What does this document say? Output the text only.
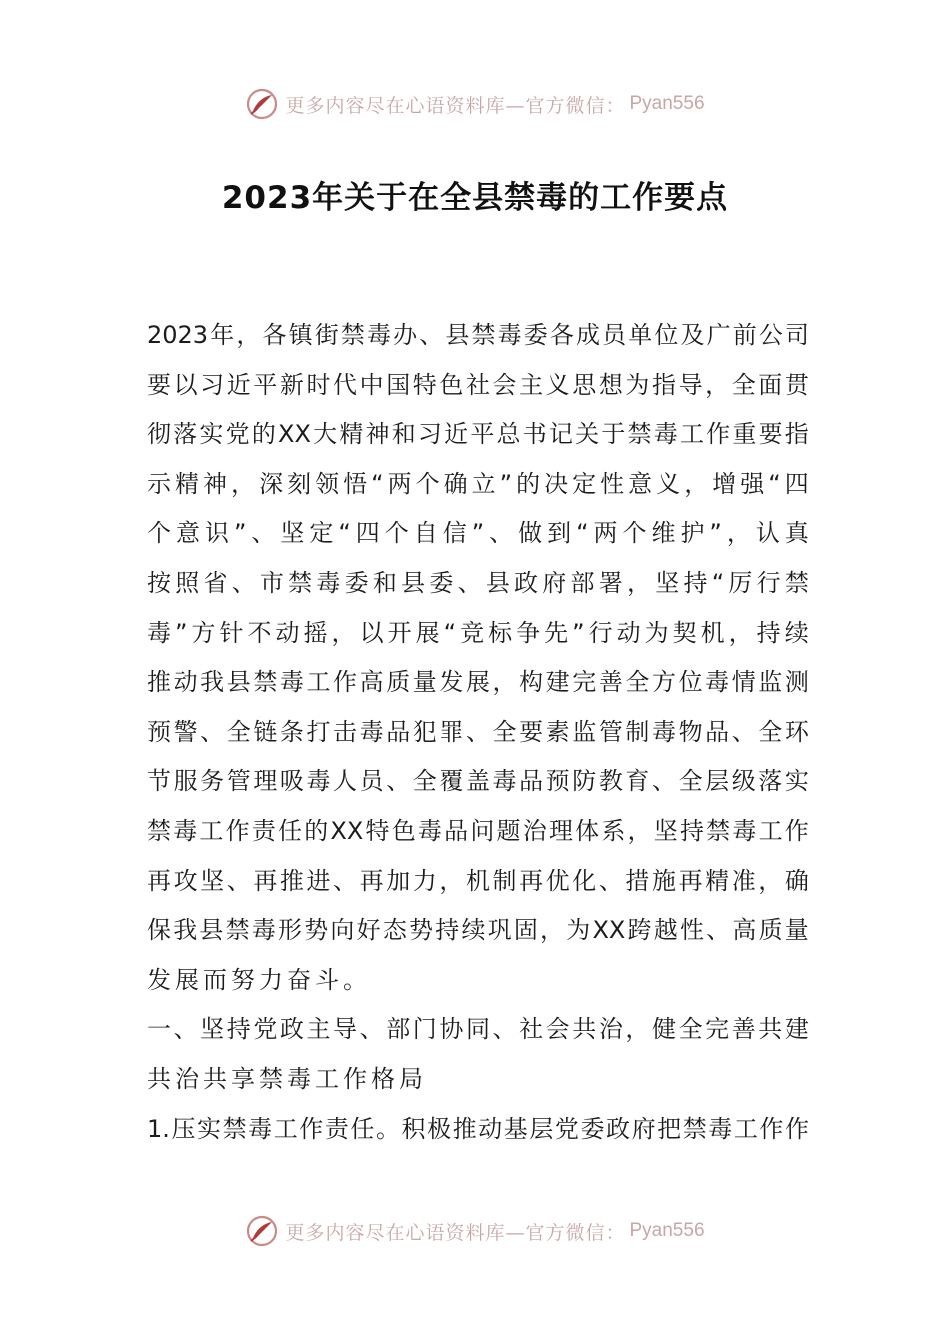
更多内容尽在心语资料库—官方微信： Pyan556
2023年关于在全县禁毒的工作要点
2023 年 ， 各 镇 街 禁 毒 办 、 县 禁 毒 委 各 成 员 单 位 及 广 前 公 司
要 以 习 近 平 新 时 代 中 国 特 色 社 会 主 义 思 想 为 指 导 ， 全 面 贯
彻 落 实 党 的 XX 大 精 神 和 习 近 平 总 书 记 关 于 禁 毒 工 作 重 要 指
示 精 神 ， 深 刻 领 悟 “ 两 个 确 立 ” 的 决 定 性 意 义 ， 增 强 “ 四
个 意 识 ” 、 坚 定 “ 四 个 自 信 ” 、 做 到 “ 两 个 维 护 ” ， 认 真
按 照 省 、 市 禁 毒 委 和 县 委 、 县 政 府 部 署 ， 坚 持 “ 厉 行 禁
毒 ” 方 针 不 动 摇 ， 以 开 展 “ 竞 标 争 先 ” 行 动 为 契 机 ， 持 续
推 动 我 县 禁 毒 工 作 高 质 量 发 展 ， 构 建 完 善 全 方 位 毒 情 监 测
预 警 、 全 链 条 打 击 毒 品 犯 罪 、 全 要 素 监 管 制 毒 物 品 、 全 环
节 服 务 管 理 吸 毒 人 员 、 全 覆 盖 毒 品 预 防 教 育 、 全 层 级 落 实
禁 毒 工 作 责 任 的 XX 特 色 毒 品 问 题 治 理 体 系 ， 坚 持 禁 毒 工 作
再 攻 坚 、 再 推 进 、 再 加 力 ， 机 制 再 优 化 、 措 施 再 精 准 ， 确
保 我 县 禁 毒 形 势 向 好 态 势 持 续 巩 固 ， 为 XX 跨 越 性 、 高 质 量
发展而努力奋斗。
一 、 坚 持 党 政 主 导 、 部 门 协 同 、 社 会 共 治 ， 健 全 完 善 共 建
共治共享禁毒工作格局
1. 压 实 禁 毒 工 作 责 任 。 积 极 推 动 基 层 党 委 政 府 把 禁 毒 工 作 作
更多内容尽在心语资料库—官方微信： Pyan556
